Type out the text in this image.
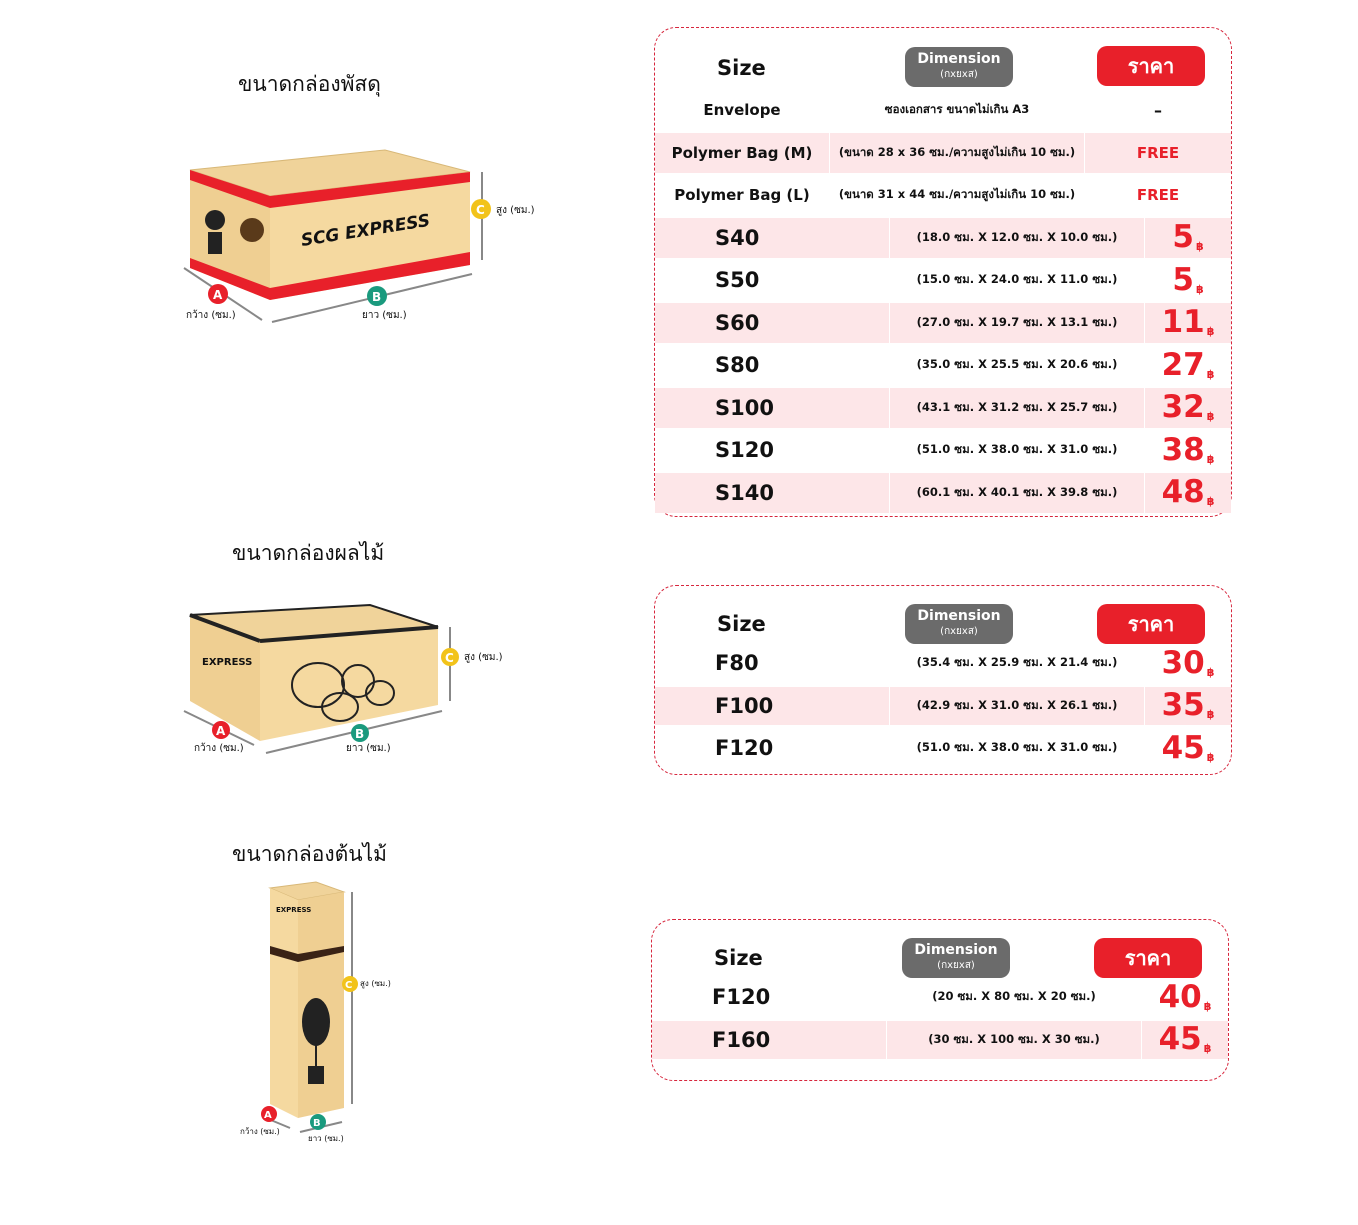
ขนาดกล่องพัสดุ
SCG EXPRESS
A	B
C
กว้าง (ซม.)	ยาว (ซม.)
สูง (ซม.)
Size	Dimension
(กxยxส)	ราคา
Envelope	ซองเอกสาร ขนาดไม่เกิน A3	–
Polymer Bag (M)	(ขนาด 28 x 36 ซม./ความสูงไม่เกิน 10 ซม.)	FREE
Polymer Bag (L)	(ขนาด 31 x 44 ซม./ความสูงไม่เกิน 10 ซม.)	FREE
S40	(18.0 ซม. X 12.0 ซม. X 10.0 ซม.)	5 ฿
S50	(15.0 ซม. X 24.0 ซม. X 11.0 ซม.)	5 ฿
S60	(27.0 ซม. X 19.7 ซม. X 13.1 ซม.)	11 ฿
S80	(35.0 ซม. X 25.5 ซม. X 20.6 ซม.)	27 ฿
S100	(43.1 ซม. X 31.2 ซม. X 25.7 ซม.)	32 ฿
S120	(51.0 ซม. X 38.0 ซม. X 31.0 ซม.)	38 ฿
S140	(60.1 ซม. X 40.1 ซม. X 39.8 ซม.)	48 ฿
ขนาดกล่องผลไม้
EXPRESS
A	B
C
กว้าง (ซม.)	ยาว (ซม.)
สูง (ซม.)
Size	Dimension
(กxยxส)	ราคา
F80	(35.4 ซม. X 25.9 ซม. X 21.4 ซม.)	30 ฿
F100	(42.9 ซม. X 31.0 ซม. X 26.1 ซม.)	35 ฿
F120	(51.0 ซม. X 38.0 ซม. X 31.0 ซม.)	45 ฿
ขนาดกล่องต้นไม้
EXPRESS
A
B
C
กว้าง (ซม.)
ยาว (ซม.)
สูง (ซม.)
Size	Dimension
(กxยxส)	ราคา
F120	(20 ซม. X 80 ซม. X 20 ซม.)	40 ฿
F160	(30 ซม. X 100 ซม. X 30 ซม.)	45 ฿
